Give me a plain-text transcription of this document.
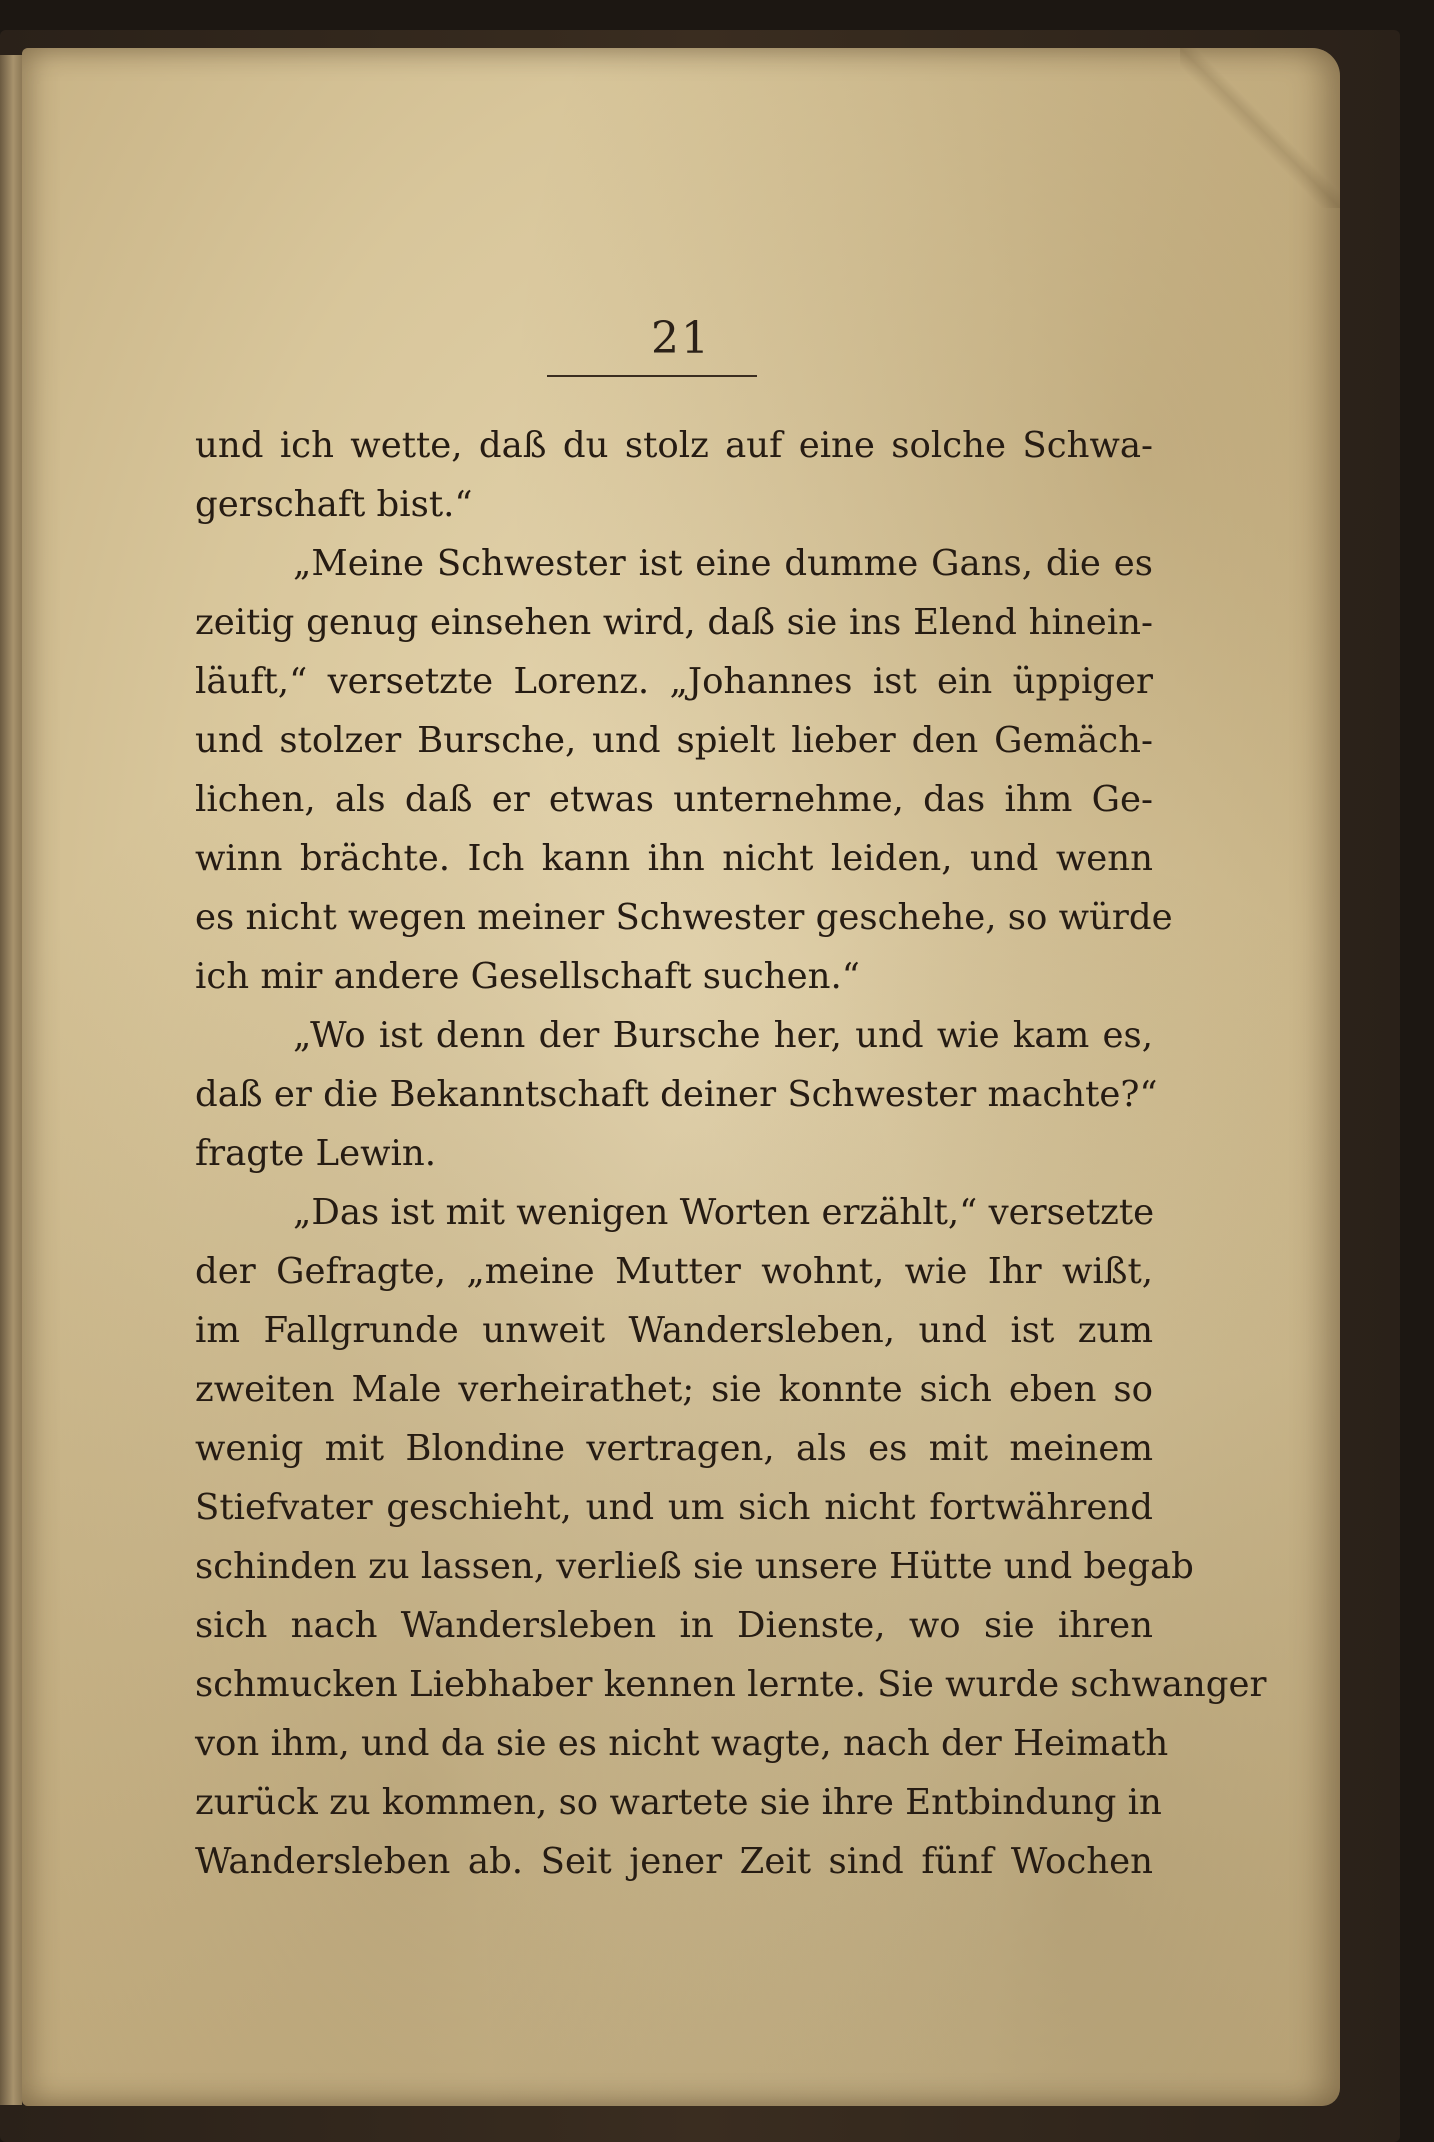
21
und ich wette, daß du stolz auf eine solche Schwa-
gerschaft bist.“
„Meine Schwester ist eine dumme Gans, die es
zeitig genug einsehen wird, daß sie ins Elend hinein-
läuft,“ versetzte Lorenz. „Johannes ist ein üppiger
und stolzer Bursche, und spielt lieber den Gemäch-
lichen, als daß er etwas unternehme, das ihm Ge-
winn brächte. Ich kann ihn nicht leiden, und wenn
es nicht wegen meiner Schwester geschehe, so würde
ich mir andere Gesellschaft suchen.“
„Wo ist denn der Bursche her, und wie kam es,
daß er die Bekanntschaft deiner Schwester machte?“
fragte Lewin.
„Das ist mit wenigen Worten erzählt,“ versetzte
der Gefragte, „meine Mutter wohnt, wie Ihr wißt,
im Fallgrunde unweit Wandersleben, und ist zum
zweiten Male verheirathet; sie konnte sich eben so
wenig mit Blondine vertragen, als es mit meinem
Stiefvater geschieht, und um sich nicht fortwährend
schinden zu lassen, verließ sie unsere Hütte und begab
sich nach Wandersleben in Dienste, wo sie ihren
schmucken Liebhaber kennen lernte. Sie wurde schwanger
von ihm, und da sie es nicht wagte, nach der Heimath
zurück zu kommen, so wartete sie ihre Entbindung in
Wandersleben ab. Seit jener Zeit sind fünf Wochen
